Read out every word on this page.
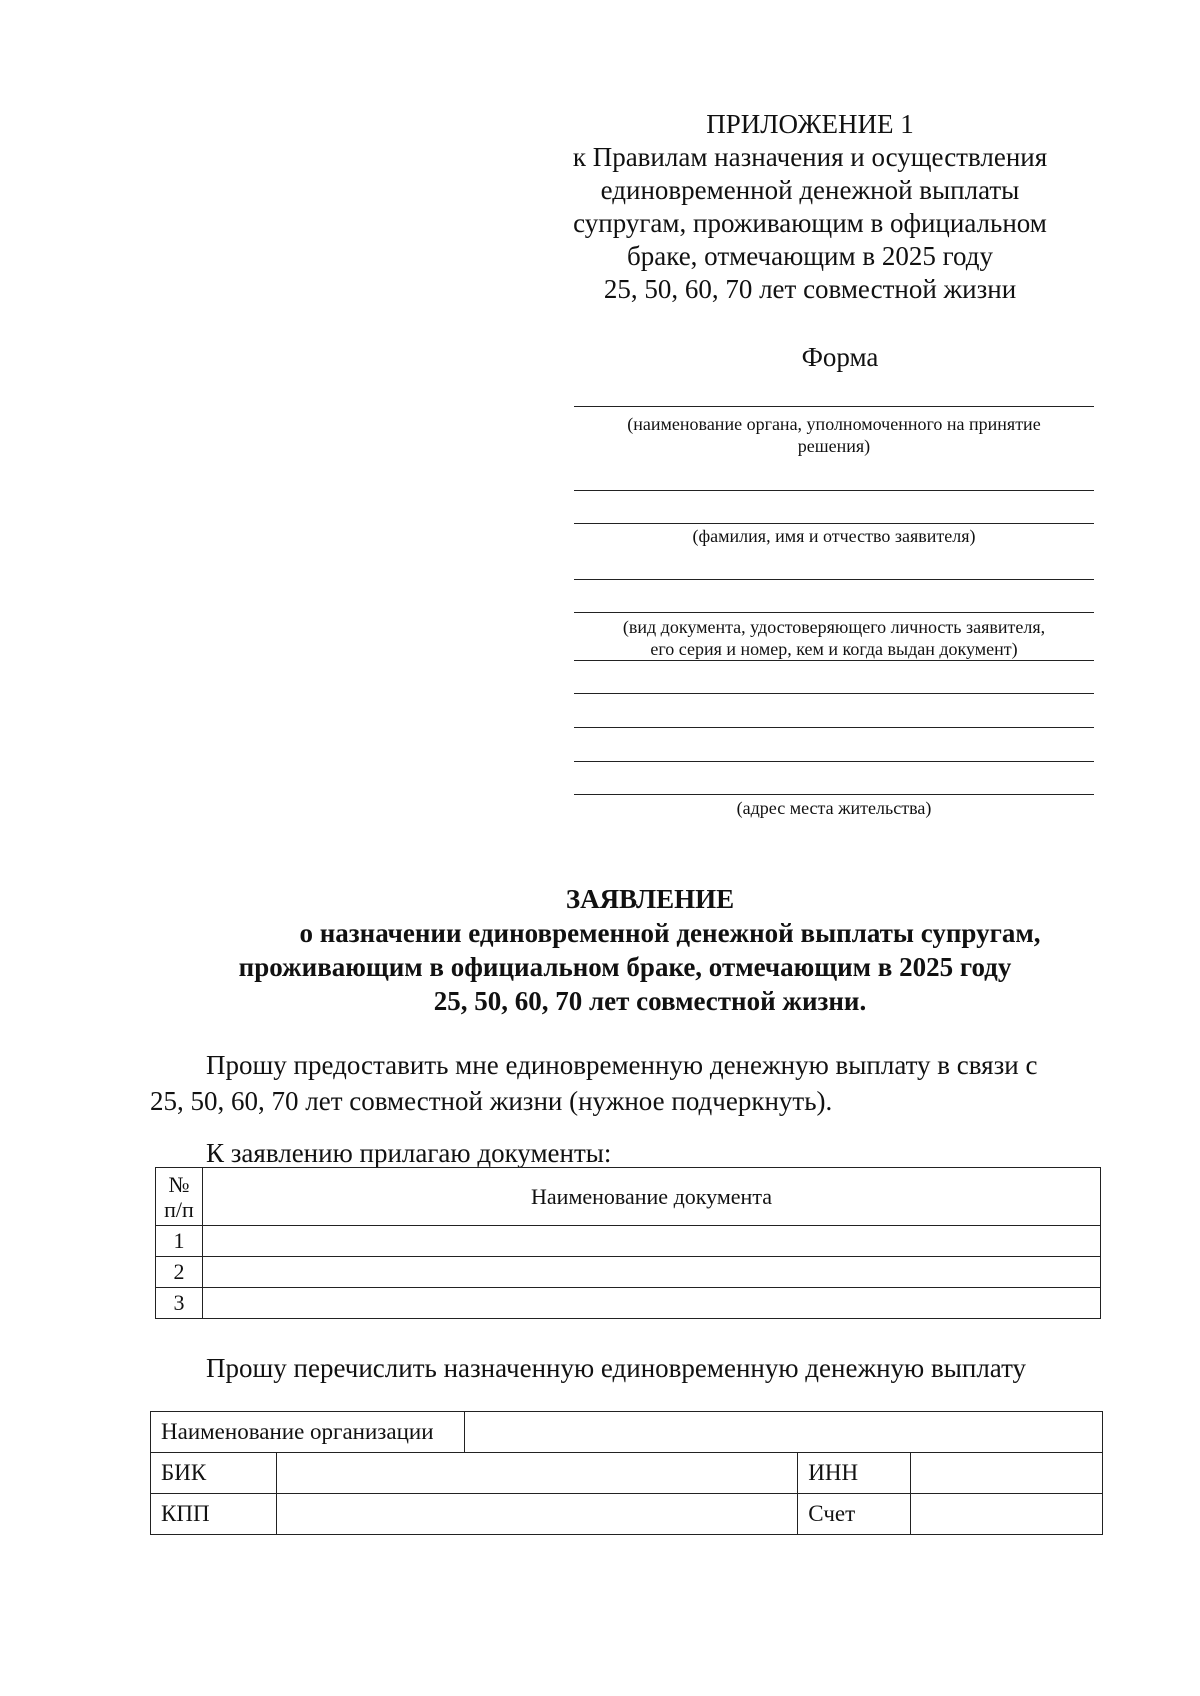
ПРИЛОЖЕНИЕ 1
к Правилам назначения и осуществления
единовременной денежной выплаты
супругам, проживающим в официальном
браке, отмечающим в 2025 году
25, 50, 60, 70 лет совместной жизни
Форма
(наименование органа, уполномоченного на принятие
решения)
(фамилия, имя и отчество заявителя)
(вид документа, удостоверяющего личность заявителя,
его серия и номер, кем и когда выдан документ)
(адрес места жительства)
ЗАЯВЛЕНИЕ
о назначении единовременной денежной выплаты супругам,
проживающим в официальном браке, отмечающим в 2025 году
25, 50, 60, 70 лет совместной жизни.
Прошу предоставить мне единовременную денежную выплату в связи с
25, 50, 60, 70 лет совместной жизни (нужное подчеркнуть).
К заявлению прилагаю документы:
№
п/п	Наименование документа
1	
2	
3	
Прошу перечислить назначенную единовременную денежную выплату
Наименование организации				
БИК			ИНН	
КПП			Счет	
